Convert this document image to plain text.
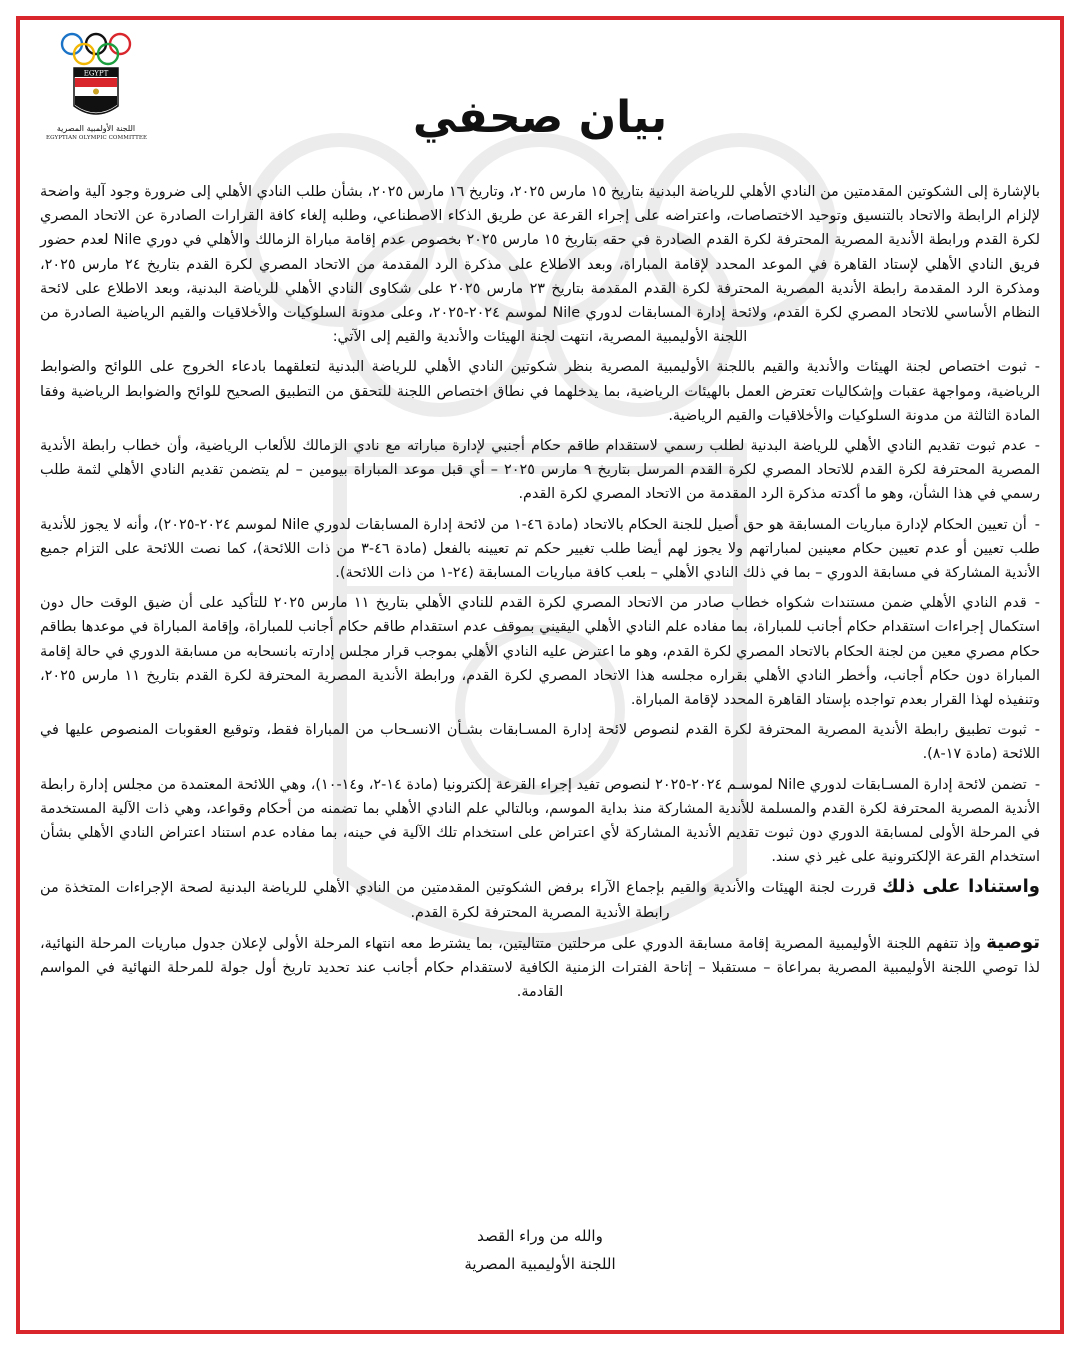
EGYPT
اللجنة الأولمبية المصرية
EGYPTIAN OLYMPIC COMMITTEE	بيان صحفي

بالإشارة إلى الشكوتين المقدمتين من النادي الأهلي للرياضة البدنية بتاريخ ١٥ مارس ٢٠٢٥، وتاريخ ١٦ مارس ٢٠٢٥، بشأن طلب النادي الأهلي إلى ضرورة وجود آلية واضحة لإلزام الرابطة والاتحاد بالتنسيق وتوحيد الاختصاصات، واعتراضه على إجراء القرعة عن طريق الذكاء الاصطناعي، وطلبه إلغاء كافة القرارات الصادرة عن الاتحاد المصري لكرة القدم ورابطة الأندية المصرية المحترفة لكرة القدم الصادرة في حقه بتاريخ ١٥ مارس ٢٠٢٥ بخصوص عدم إقامة مباراة الزمالك والأهلي في دوري Nile لعدم حضور فريق النادي الأهلي لإستاد القاهرة في الموعد المحدد لإقامة المباراة، وبعد الاطلاع على مذكرة الرد المقدمة من الاتحاد المصري لكرة القدم بتاريخ ٢٤ مارس ٢٠٢٥، ومذكرة الرد المقدمة رابطة الأندية المصرية المحترفة لكرة القدم المقدمة بتاريخ ٢٣ مارس ٢٠٢٥ على شكاوى النادي الأهلي للرياضة البدنية، وبعد الاطلاع على لائحة النظام الأساسي للاتحاد المصري لكرة القدم، ولائحة إدارة المسابقات لدوري Nile لموسم ٢٠٢٤-٢٠٢٥، وعلى مدونة السلوكيات والأخلاقيات والقيم الرياضية الصادرة من اللجنة الأوليمبية المصرية، انتهت لجنة الهيئات والأندية والقيم إلى الآتي:

-ثبوت اختصاص لجنة الهيئات والأندية والقيم باللجنة الأوليمبية المصرية بنظر شكوتين النادي الأهلي للرياضة البدنية لتعلقهما بادعاء الخروج على اللوائح والضوابط الرياضية، ومواجهة عقبات وإشكاليات تعترض العمل بالهيئات الرياضية، بما يدخلهما في نطاق اختصاص اللجنة للتحقق من التطبيق الصحيح للوائح والضوابط الرياضية وفقا المادة الثالثة من مدونة السلوكيات والأخلاقيات والقيم الرياضية.

-عدم ثبوت تقديم النادي الأهلي للرياضة البدنية لطلب رسمي لاستقدام طاقم حكام أجنبي لإدارة مباراته مع نادي الزمالك للألعاب الرياضية، وأن خطاب رابطة الأندية المصرية المحترفة لكرة القدم للاتحاد المصري لكرة القدم المرسل بتاريخ ٩ مارس ٢٠٢٥ – أي قبل موعد المباراة بيومين – لم يتضمن تقديم النادي الأهلي لثمة طلب رسمي في هذا الشأن، وهو ما أكدته مذكرة الرد المقدمة من الاتحاد المصري لكرة القدم.

-أن تعيين الحكام لإدارة مباريات المسابقة هو حق أصيل للجنة الحكام بالاتحاد (مادة ٤٦-١ من لائحة إدارة المسابقات لدوري Nile لموسم ٢٠٢٤-٢٠٢٥)، وأنه لا يجوز للأندية طلب تعيين أو عدم تعيين حكام معينين لمباراتهم ولا يجوز لهم أيضا طلب تغيير حكم تم تعيينه بالفعل (مادة ٤٦-٣ من ذات اللائحة)، كما نصت اللائحة على التزام جميع الأندية المشاركة في مسابقة الدوري – بما في ذلك النادي الأهلي – بلعب كافة مباريات المسابقة (٢٤-١ من ذات اللائحة).

-قدم النادي الأهلي ضمن مستندات شكواه خطاب صادر من الاتحاد المصري لكرة القدم للنادي الأهلي بتاريخ ١١ مارس ٢٠٢٥ للتأكيد على أن ضيق الوقت حال دون استكمال إجراءات استقدام حكام أجانب للمباراة، بما مفاده علم النادي الأهلي اليقيني بموقف عدم استقدام طاقم حكام أجانب للمباراة، وإقامة المباراة في موعدها بطاقم حكام مصري معين من لجنة الحكام بالاتحاد المصري لكرة القدم، وهو ما اعترض عليه النادي الأهلي بموجب قرار مجلس إدارته بانسحابه من مسابقة الدوري في حالة إقامة المباراة دون حكام أجانب، وأخطر النادي الأهلي بقراره مجلسه هذا الاتحاد المصري لكرة القدم، ورابطة الأندية المصرية المحترفة لكرة القدم بتاريخ ١١ مارس ٢٠٢٥، وتنفيذه لهذا القرار بعدم تواجده بإستاد القاهرة المحدد لإقامة المباراة.

-ثبوت تطبيق رابطة الأندية المصرية المحترفة لكرة القدم لنصوص لائحة إدارة المسـابقات بشـأن الانسـحاب من المباراة فقط، وتوقيع العقوبات المنصوص عليها في اللائحة (مادة ١٧-٨).

-تضمن لائحة إدارة المسـابقات لدوري Nile لموسـم ٢٠٢٤-٢٠٢٥ لنصوص تفيد إجراء القرعة إلكترونيا (مادة ١٤-٢، و١٤-١٠)، وهي اللائحة المعتمدة من مجلس إدارة رابطة الأندية المصرية المحترفة لكرة القدم والمسلمة للأندية المشاركة منذ بداية الموسم، وبالتالي علم النادي الأهلي بما تضمنه من أحكام وقواعد، وهي ذات الآلية المستخدمة في المرحلة الأولى لمسابقة الدوري دون ثبوت تقديم الأندية المشاركة لأي اعتراض على استخدام تلك الآلية في حينه، بما مفاده عدم استناد اعتراض النادي الأهلي بشأن استخدام القرعة الإلكترونية على غير ذي سند.

واستنادا على ذلك قررت لجنة الهيئات والأندية والقيم بإجماع الآراء برفض الشكوتين المقدمتين من النادي الأهلي للرياضة البدنية لصحة الإجراءات المتخذة من رابطة الأندية المصرية المحترفة لكرة القدم.

توصية وإذ تتفهم اللجنة الأوليمبية المصرية إقامة مسابقة الدوري على مرحلتين متتاليتين، بما يشترط معه انتهاء المرحلة الأولى لإعلان جدول مباريات المرحلة النهائية، لذا توصي اللجنة الأوليمبية المصرية بمراعاة – مستقبلا – إتاحة الفترات الزمنية الكافية لاستقدام حكام أجانب عند تحديد تاريخ أول جولة للمرحلة النهائية في المواسم القادمة.

والله من وراء القصد
اللجنة الأوليمبية المصرية
